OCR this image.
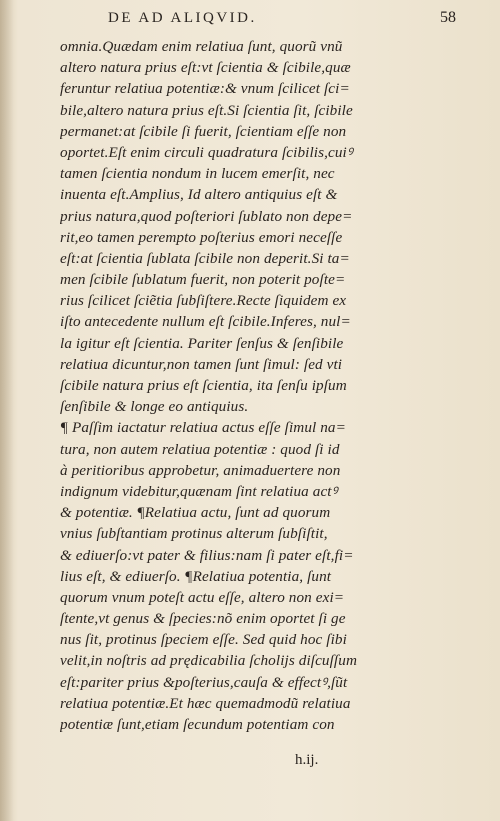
DE AD ALIQVID.	58
omnia.Quædam enim relatiua ſunt, quorũ vnũ
altero natura prius eſt:vt ſcientia & ſcibile,quæ
feruntur relatiua potentiæ:& vnum ſcilicet ſci=
bile,altero natura prius eſt.Si ſcientia ſit, ſcibile
permanet:at ſcibile ſi fuerit, ſcientiam eſſe non
oportet.Eſt enim circuli quadratura ſcibilis,cuiꝰ
tamen ſcientia nondum in lucem emerſit, nec
inuenta eſt.Amplius, Id altero antiquius eſt &
prius natura,quod poſteriori ſublato non depe=
rit,eo tamen perempto poſterius emori neceſſe
eſt:at ſcientia ſublata ſcibile non deperit.Si ta=
men ſcibile ſublatum fuerit, non poterit poſte=
rius ſcilicet ſciẽtia ſubſiſtere.Recte ſiquidem ex
iſto antecedente nullum eſt ſcibile.Inferes, nul=
la igitur eſt ſcientia. Pariter ſenſus & ſenſibile
relatiua dicuntur,non tamen ſunt ſimul: ſed vti
ſcibile natura prius eſt ſcientia, ita ſenſu ipſum
ſenſibile & longe eo antiquius.
¶ Paſſim iactatur relatiua actus eſſe ſimul na=
tura, non autem relatiua potentiæ : quod ſi id
à peritioribus approbetur, animaduertere non
indignum videbitur,quænam ſint relatiua actꝰ
& potentiæ. ¶Relatiua actu, ſunt ad quorum
vnius ſubſtantiam protinus alterum ſubſiſtit,
& ediuerſo:vt pater & filius:nam ſi pater eſt,fi=
lius eſt, & ediuerſo. ¶Relatiua potentia, ſunt
quorum vnum poteſt actu eſſe, altero non exi=
ſtente,vt genus & ſpecies:nõ enim oportet ſi ge
nus ſit, protinus ſpeciem eſſe. Sed quid hoc ſibi
velit,in noſtris ad prędicabilia ſcholijs diſcuſſum
eſt:pariter prius &poſterius,cauſa & effectꝰ,ſũt
relatiua potentiæ.Et hæc quemadmodũ relatiua
potentiæ ſunt,etiam ſecundum potentiam con
h.ij.
